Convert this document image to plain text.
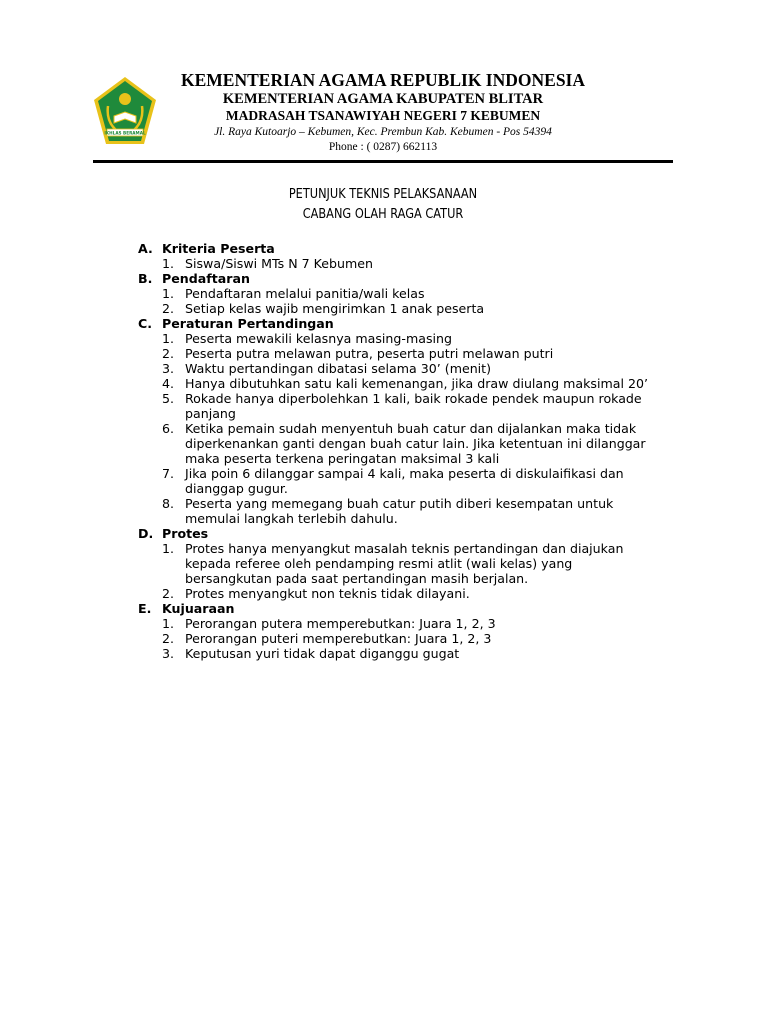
IKHLAS BERAMAL
KEMENTERIAN AGAMA REPUBLIK INDONESIA
KEMENTERIAN AGAMA KABUPATEN BLITAR
MADRASAH TSANAWIYAH NEGERI 7 KEBUMEN
Jl. Raya Kutoarjo – Kebumen, Kec. Prembun Kab. Kebumen - Pos 54394
Phone : ( 0287) 662113
PETUNJUK TEKNIS PELAKSANAAN
CABANG OLAH RAGA CATUR
A. Kriteria Peserta
1. Siswa/Siswi MTs N 7 Kebumen
B. Pendaftaran
1. Pendaftaran melalui panitia/wali kelas
2. Setiap kelas wajib mengirimkan 1 anak peserta
C. Peraturan Pertandingan
1. Peserta mewakili kelasnya masing-masing
2. Peserta putra melawan putra, peserta putri melawan putri
3. Waktu pertandingan dibatasi selama 30’ (menit)
4. Hanya dibutuhkan satu kali kemenangan, jika draw diulang maksimal 20’
5. Rokade hanya diperbolehkan 1 kali, baik rokade pendek maupun rokade panjang
6. Ketika pemain sudah menyentuh buah catur dan dijalankan maka tidak diperkenankan ganti dengan buah catur lain. Jika ketentuan ini dilanggar maka peserta terkena peringatan maksimal 3 kali
7. Jika poin 6 dilanggar sampai 4 kali, maka peserta di diskulaifikasi dan dianggap gugur.
8. Peserta yang memegang buah catur putih diberi kesempatan untuk memulai langkah terlebih dahulu.
D. Protes
1. Protes hanya menyangkut masalah teknis pertandingan dan diajukan kepada referee oleh pendamping resmi atlit (wali kelas) yang bersangkutan pada saat pertandingan masih berjalan.
2. Protes menyangkut non teknis tidak dilayani.
E. Kujuaraan
1. Perorangan putera memperebutkan: Juara 1, 2, 3
2. Perorangan puteri memperebutkan: Juara 1, 2, 3
3. Keputusan yuri tidak dapat diganggu gugat
